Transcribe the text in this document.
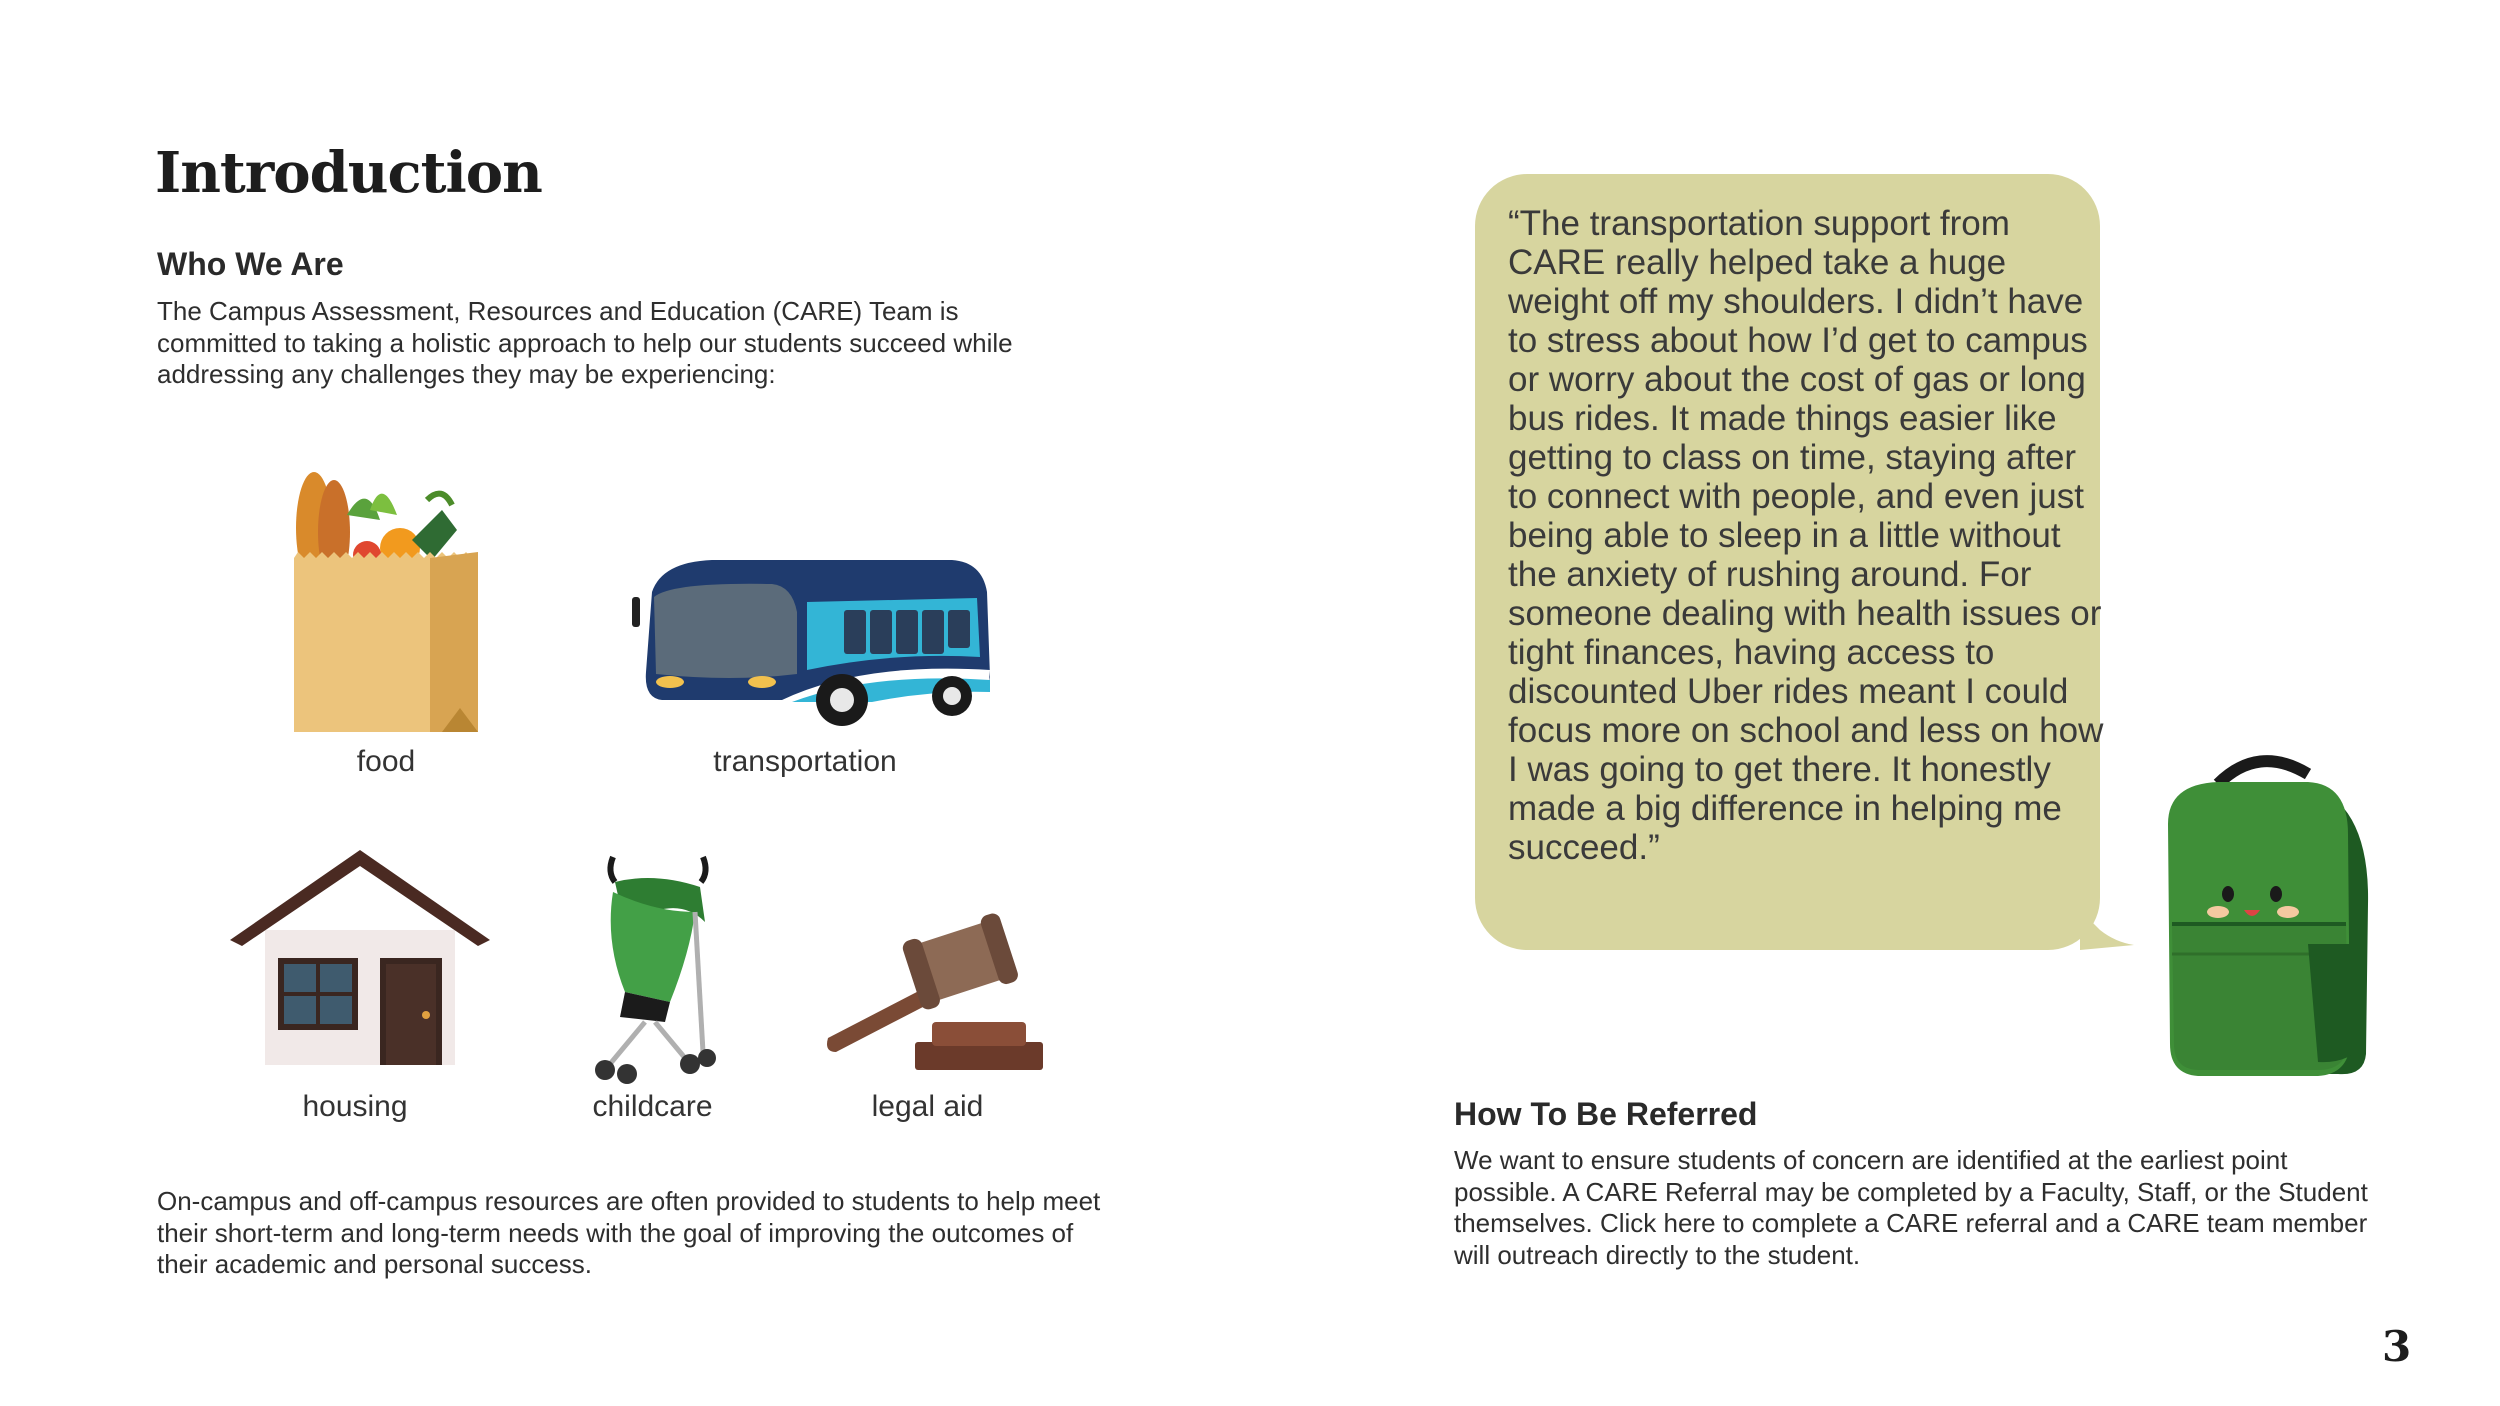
Introduction
Who We Are

The Campus Assessment, Resources and Education (CARE) Team is committed to taking a holistic approach to help our students succeed while addressing any challenges they may be experiencing:

food	transportation
housing	childcare	legal aid

On-campus and off-campus resources are often provided to students to help meet their short-term and long-term needs with the goal of improving the outcomes of their academic and personal success.

“The transportation support from CARE really helped take a huge weight off my shoulders. I didn’t have to stress about how I’d get to campus or worry about the cost of gas or long bus rides. It made things easier like getting to class on time, staying after to connect with people, and even just being able to sleep in a little without the anxiety of rushing around. For someone dealing with health issues or tight finances, having access to discounted Uber rides meant I could focus more on school and less on how I was going to get there. It honestly made a big difference in helping me succeed.”

How To Be Referred

We want to ensure students of concern are identified at the earliest point possible. A CARE Referral may be completed by a Faculty, Staff, or the Student themselves. Click here to complete a CARE referral and a CARE team member will outreach directly to the student.

3
